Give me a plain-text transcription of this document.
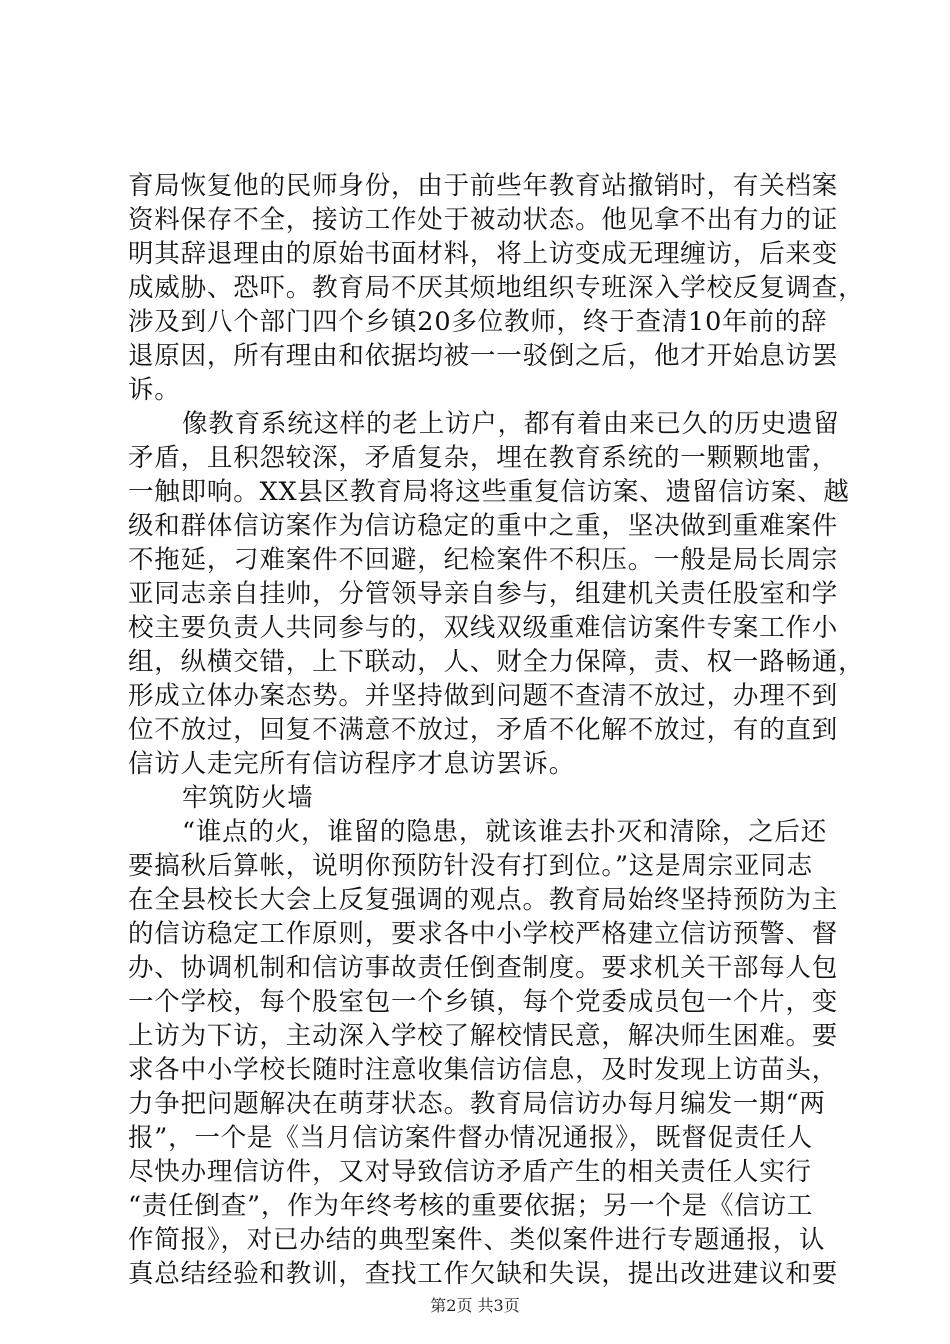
育局恢复他的民师身份，由于前些年教育站撤销时，有关档案
资料保存不全，接访工作处于被动状态。他见拿不出有力的证
明其辞退理由的原始书面材料，将上访变成无理缠访，后来变
成威胁、恐吓。教育局不厌其烦地组织专班深入学校反复调查，
涉及到八个部门四个乡镇20多位教师，终于查清10年前的辞
退原因，所有理由和依据均被一一驳倒之后，他才开始息访罢
诉。
像教育系统这样的老上访户，都有着由来已久的历史遗留
矛盾，且积怨较深，矛盾复杂，埋在教育系统的一颗颗地雷，
一触即响。XX县区教育局将这些重复信访案、遗留信访案、越
级和群体信访案作为信访稳定的重中之重，坚决做到重难案件
不拖延，刁难案件不回避，纪检案件不积压。一般是局长周宗
亚同志亲自挂帅，分管领导亲自参与，组建机关责任股室和学
校主要负责人共同参与的，双线双级重难信访案件专案工作小
组，纵横交错，上下联动，人、财全力保障，责、权一路畅通，
形成立体办案态势。并坚持做到问题不查清不放过，办理不到
位不放过，回复不满意不放过，矛盾不化解不放过，有的直到
信访人走完所有信访程序才息访罢诉。
牢筑防火墙
“谁点的火，谁留的隐患，就该谁去扑灭和清除，之后还
要搞秋后算帐，说明你预防针没有打到位。”这是周宗亚同志
在全县校长大会上反复强调的观点。教育局始终坚持预防为主
的信访稳定工作原则，要求各中小学校严格建立信访预警、督
办、协调机制和信访事故责任倒查制度。要求机关干部每人包
一个学校，每个股室包一个乡镇，每个党委成员包一个片，变
上访为下访，主动深入学校了解校情民意，解决师生困难。要
求各中小学校长随时注意收集信访信息，及时发现上访苗头，
力争把问题解决在萌芽状态。教育局信访办每月编发一期“两
报”，一个是《当月信访案件督办情况通报》，既督促责任人
尽快办理信访件，又对导致信访矛盾产生的相关责任人实行
“责任倒查”，作为年终考核的重要依据；另一个是《信访工
作简报》，对已办结的典型案件、类似案件进行专题通报，认
真总结经验和教训，查找工作欠缺和失误，提出改进建议和要
第2页 共3页
